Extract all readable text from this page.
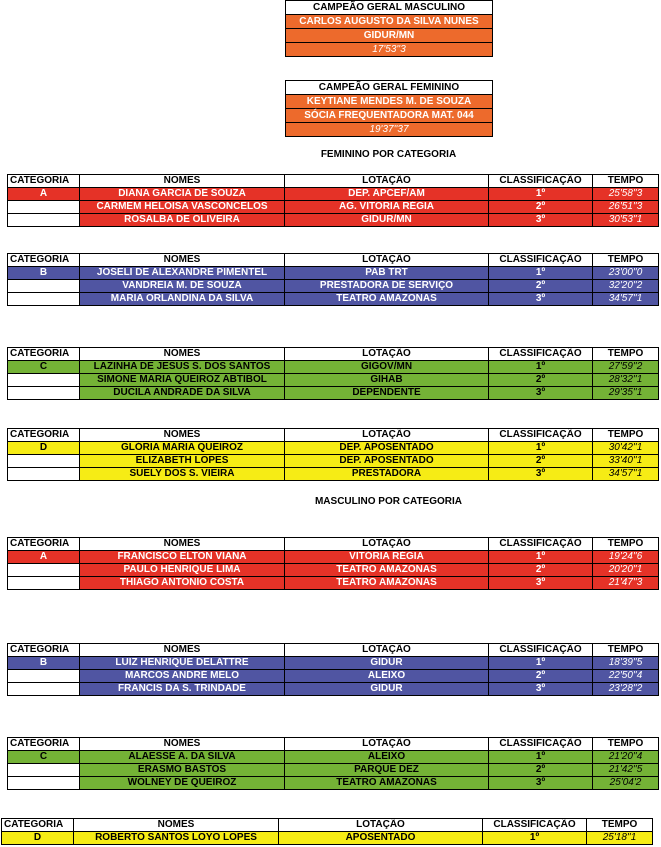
CAMPEÃO GERAL MASCULINO
CARLOS AUGUSTO DA SILVA NUNES
GIDUR/MN
17'53''3
CAMPEÃO GERAL FEMININO
KEYTIANE MENDES M. DE SOUZA
SÓCIA FREQUENTADORA MAT. 044
19'37''37
FEMININO POR CATEGORIA
MASCULINO POR CATEGORIA
CATEGORIA	NOMES	LOTAÇÃO	CLASSIFICAÇÃO	TEMPO
A	DIANA GARCIA DE SOUZA	DEP. APCEF/AM	1º	25'58''3
	CARMEM HELOISA VASCONCELOS	AG. VITORIA RÉGIA	2º	26'51''3
	ROSALBA DE OLIVEIRA	GIDUR/MN	3º	30'53''1
CATEGORIA	NOMES	LOTAÇÃO	CLASSIFICAÇÃO	TEMPO
B	JOSELI DE ALEXANDRE PIMENTEL	PAB TRT	1º	23'00''0
	VANDREIA M. DE SOUZA	PRESTADORA DE SERVIÇO	2º	32'20''2
	MARIA ORLANDINA DA SILVA	TEATRO AMAZONAS	3º	34'57''1
CATEGORIA	NOMES	LOTAÇÃO	CLASSIFICAÇÃO	TEMPO
C	LAZINHA DE JESUS S. DOS SANTOS	GIGOV/MN	1º	27'59''2
	SIMONE MARIA QUEIROZ ABTIBOL	GIHAB	2º	28'32''1
	DUCILA ANDRADE DA SILVA	DEPENDENTE	3º	29'35''1
CATEGORIA	NOMES	LOTAÇÃO	CLASSIFICAÇÃO	TEMPO
D	GLÓRIA MARIA QUEIROZ	DEP. APOSENTADO	1º	30'42''1
	ELIZABETH LOPES	DEP. APOSENTADO	2º	33'40''1
	SUELY DOS S. VIEIRA	PRESTADORA	3º	34'57''1
CATEGORIA	NOMES	LOTAÇÃO	CLASSIFICAÇÃO	TEMPO
A	FRANCISCO ELTON VIANA	VITÓRIA RÉGIA	1º	19'24''6
	PAULO HENRIQUE LIMA	TEATRO AMAZONAS	2º	20'20''1
	THIAGO ANTONIO COSTA	TEATRO AMAZONAS	3º	21'47''3
CATEGORIA	NOMES	LOTAÇÃO	CLASSIFICAÇÃO	TEMPO
B	LUIZ HENRIQUE DELATTRE	GIDUR	1º	18'39''5
	MARCOS ANDRÉ MELO	ALEIXO	2º	22'50''4
	FRANCIS DA S. TRINDADE	GIDUR	3º	23'28''2
CATEGORIA	NOMES	LOTAÇÃO	CLASSIFICAÇÃO	TEMPO
C	ALAESSE A. DA SILVA	ALEIXO	1º	21'20''4
	ERASMO BASTOS	PARQUE DEZ	2º	21'42''5
	WOLNEY DE QUEIROZ	TEATRO AMAZONAS	3º	25'04'2
CATEGORIA	NOMES	LOTAÇÃO	CLASSIFICAÇÃO	TEMPO
D	ROBERTO SANTOS LOYO LOPES	APOSENTADO	1º	25'18''1
